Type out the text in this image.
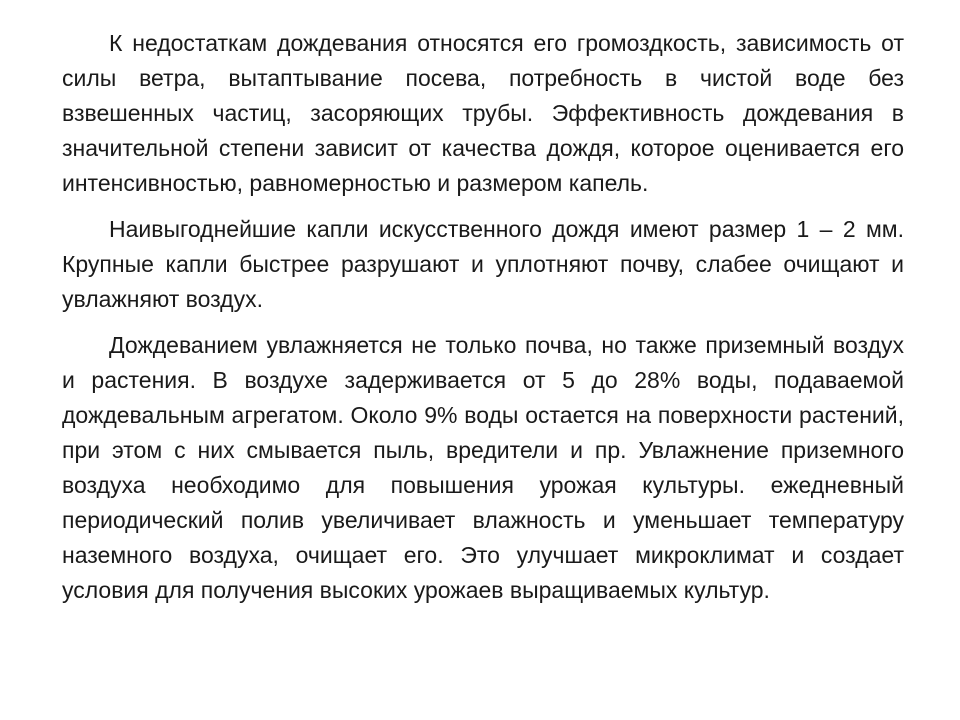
К недостаткам дождевания относятся его громоздкость, зависимость от силы ветра, вытаптывание посева, потребность в чистой воде без взвешенных частиц, засоряющих трубы. Эффективность дождевания в значительной степени зависит от качества дождя, которое оценивается его интенсивностью, равномерностью и размером капель.

Наивыгоднейшие капли искусственного дождя имеют размер 1 – 2 мм. Крупные капли быстрее разрушают и уплотняют почву, слабее очищают и увлажняют воздух.

Дождеванием увлажняется не только почва, но также приземный воздух и растения. В воздухе задерживается от 5 до 28% воды, подаваемой дождевальным агрегатом. Около 9% воды остается на поверхности растений, при этом с них смывается пыль, вредители и пр. Увлажнение приземного воздуха необходимо для повышения урожая культуры. ежедневный периодический полив увеличивает влажность и уменьшает температуру наземного воздуха, очищает его. Это улучшает микроклимат и создает условия для получения высоких урожаев выращиваемых культур.
